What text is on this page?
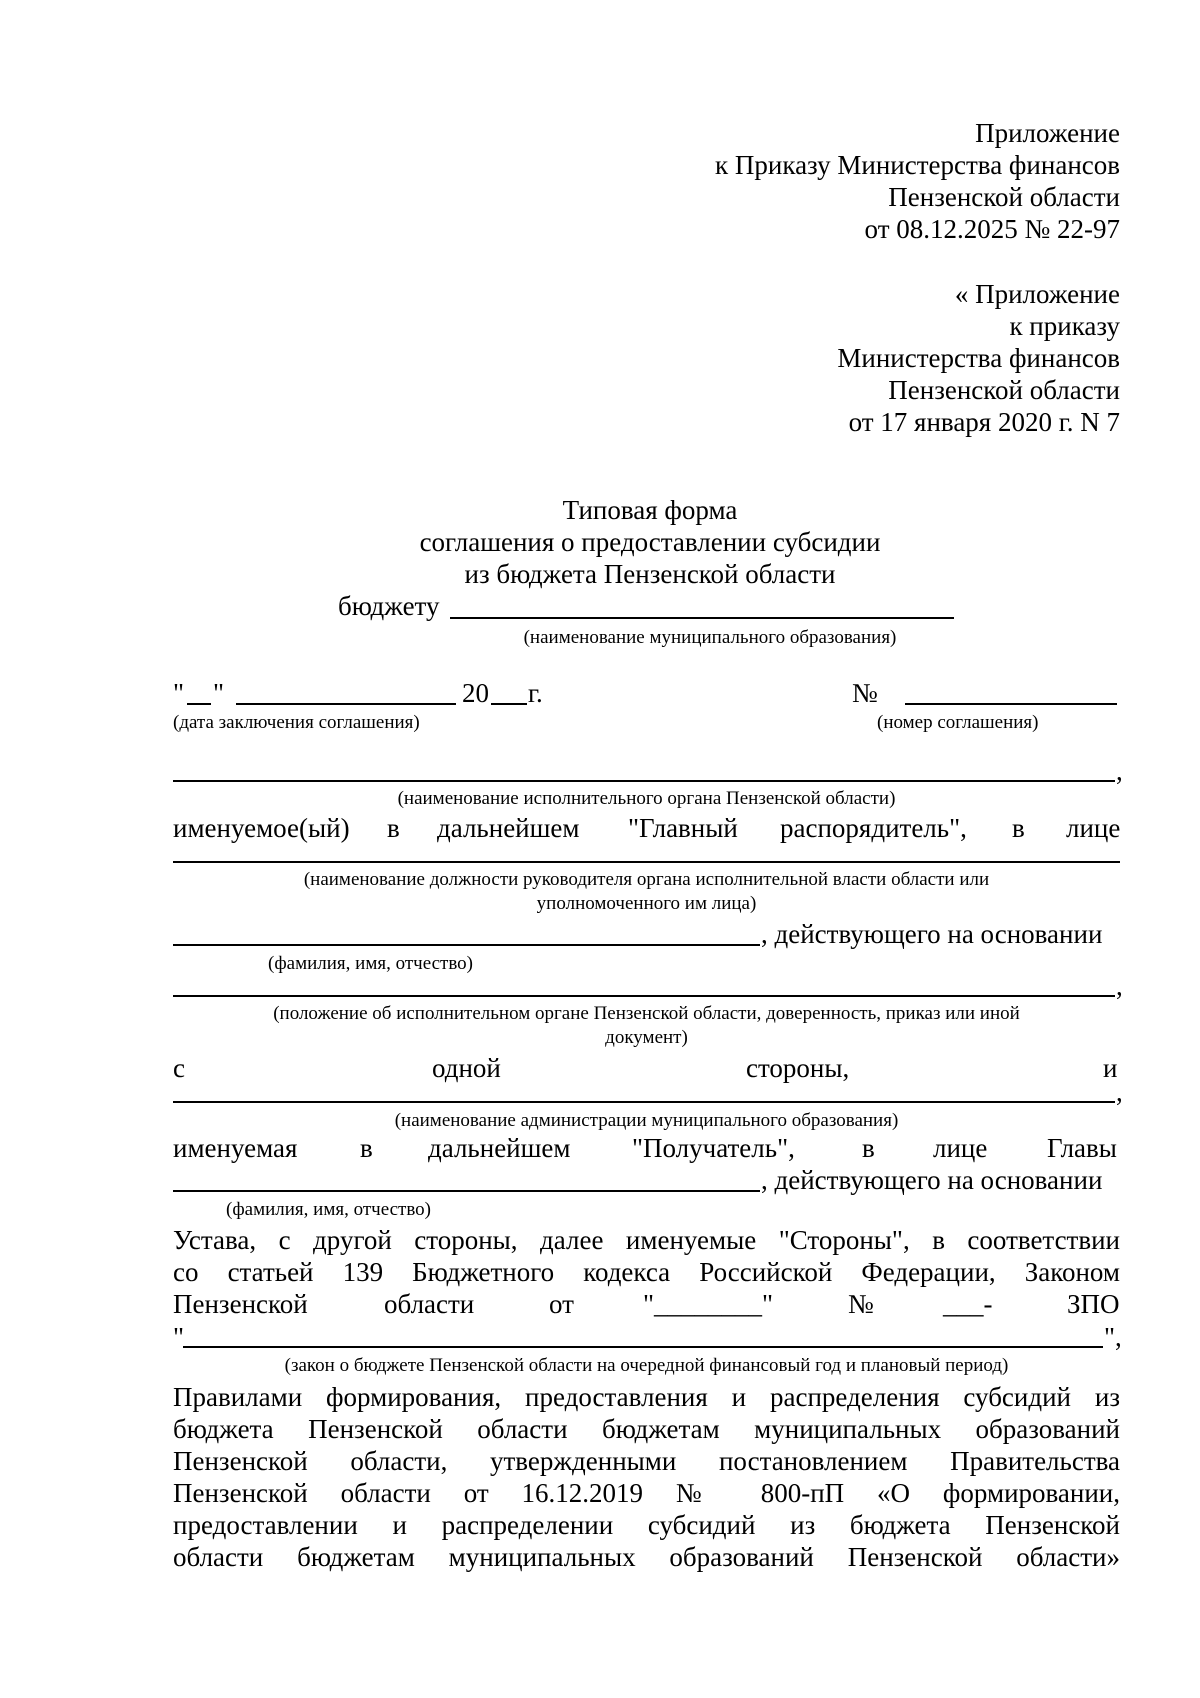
Приложение
к Приказу Министерства финансов
Пензенской области
от 08.12.2025 № 22-97
« Приложение
к приказу
Министерства финансов
Пензенской области
от 17 января 2020 г. N 7
Типовая форма
соглашения о предоставлении субсидии
из бюджета Пензенской области
бюджету
(наименование муниципального образования)
" "	20 г.	№
(дата заключения соглашения)	(номер соглашения)
,
(наименование исполнительного органа Пензенской области)
именуемое(ый) в дальнейшем "Главный распорядитель", в лице
(наименование должности руководителя органа исполнительной власти области или
уполномоченного им лица)
, действующего на основании
(фамилия, имя, отчество)
,
(положение об исполнительном органе Пензенской области, доверенность, приказ или иной
документ)
с	одной	стороны,	и
,
(наименование администрации муниципального образования)
именуемая в дальнейшем "Получатель", в лице Главы
, действующего на основании
(фамилия, имя, отчество)
Устава, с другой стороны, далее именуемые "Стороны", в соответствии
со статьей 139 Бюджетного кодекса Российской Федерации, Законом
Пензенской	области	от	"________"	№	___-	ЗПО
"	",
(закон о бюджете Пензенской области на очередной финансовый год и плановый период)
Правилами формирования, предоставления и распределения субсидий из
бюджета Пензенской области бюджетам муниципальных образований
Пензенской области, утвержденными постановлением Правительства
Пензенской области от 16.12.2019 № 800-пП «О формировании,
предоставлении и распределении субсидий из бюджета Пензенской
области бюджетам муниципальных образований Пензенской области»
